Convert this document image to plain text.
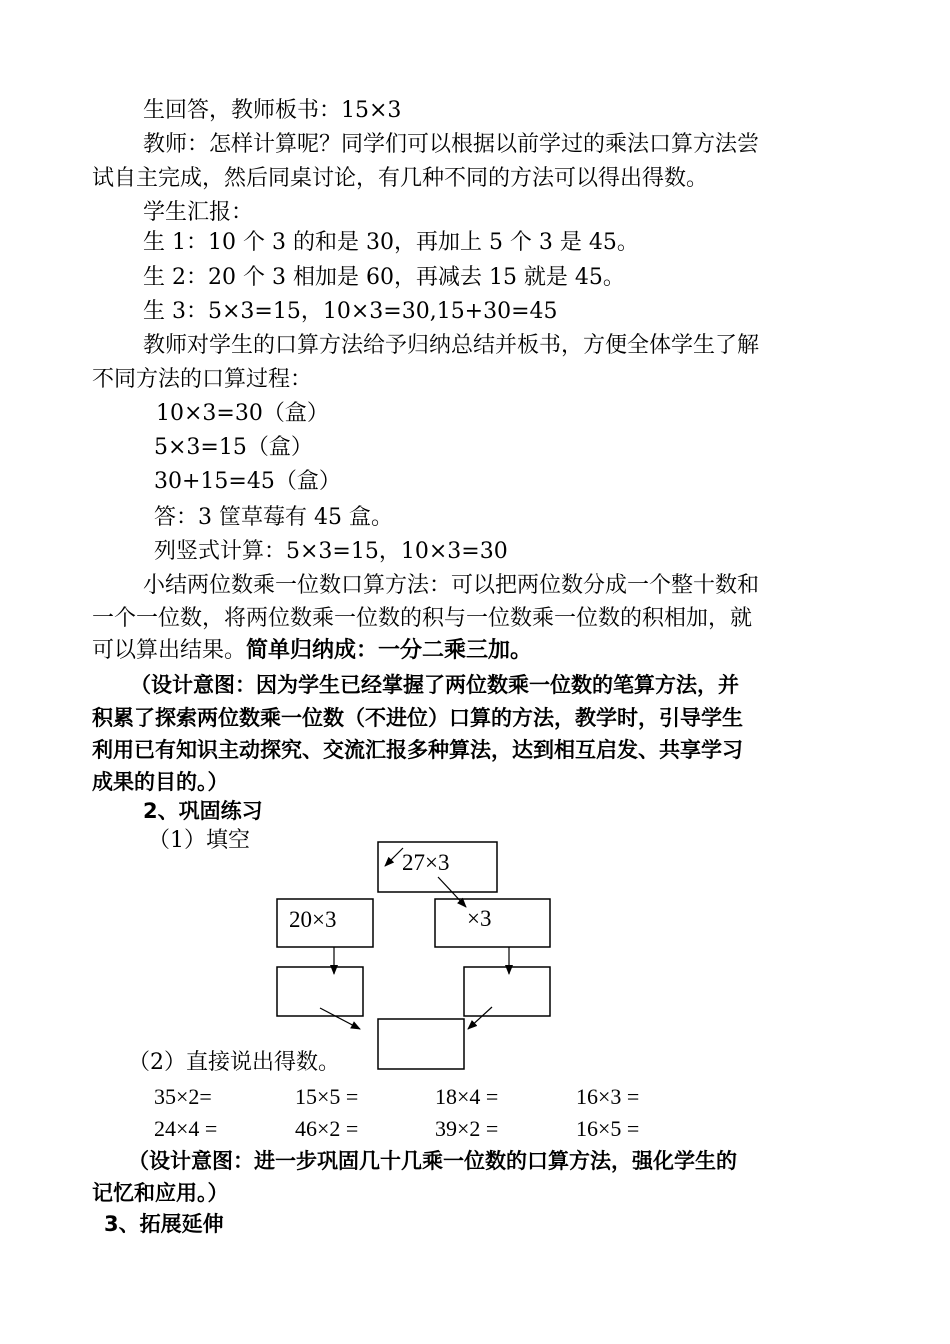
生回答，教师板书：15×3
教师：怎样计算呢？同学们可以根据以前学过的乘法口算方法尝
试自主完成，然后同桌讨论，有几种不同的方法可以得出得数。
学生汇报：
生 1：10 个 3 的和是 30，再加上 5 个 3 是 45。
生 2：20 个 3 相加是 60，再减去 15 就是 45。
生 3：5×3=15，10×3=30,15+30=45
教师对学生的口算方法给予归纳总结并板书，方便全体学生了解
不同方法的口算过程：
10×3=30（盒）
5×3=15（盒）
30+15=45（盒）
答：3 筐草莓有 45 盒。
列竖式计算：5×3=15，10×3=30
小结两位数乘一位数口算方法：可以把两位数分成一个整十数和
一个一位数，将两位数乘一位数的积与一位数乘一位数的积相加，就
可以算出结果。简单归纳成：一分二乘三加。
（设计意图：因为学生已经掌握了两位数乘一位数的笔算方法，并
积累了探索两位数乘一位数（不进位）口算的方法，教学时，引导学生
利用已有知识主动探究、交流汇报多种算法，达到相互启发、共享学习
成果的目的。）
2、巩固练习
（1）填空
27×3
20×3	×3
（2）直接说出得数。
35×2=	15×5 =	18×4 =	16×3 =
24×4 =	46×2 =	39×2 =	16×5 =
（设计意图：进一步巩固几十几乘一位数的口算方法，强化学生的
记忆和应用。）
3、拓展延伸
